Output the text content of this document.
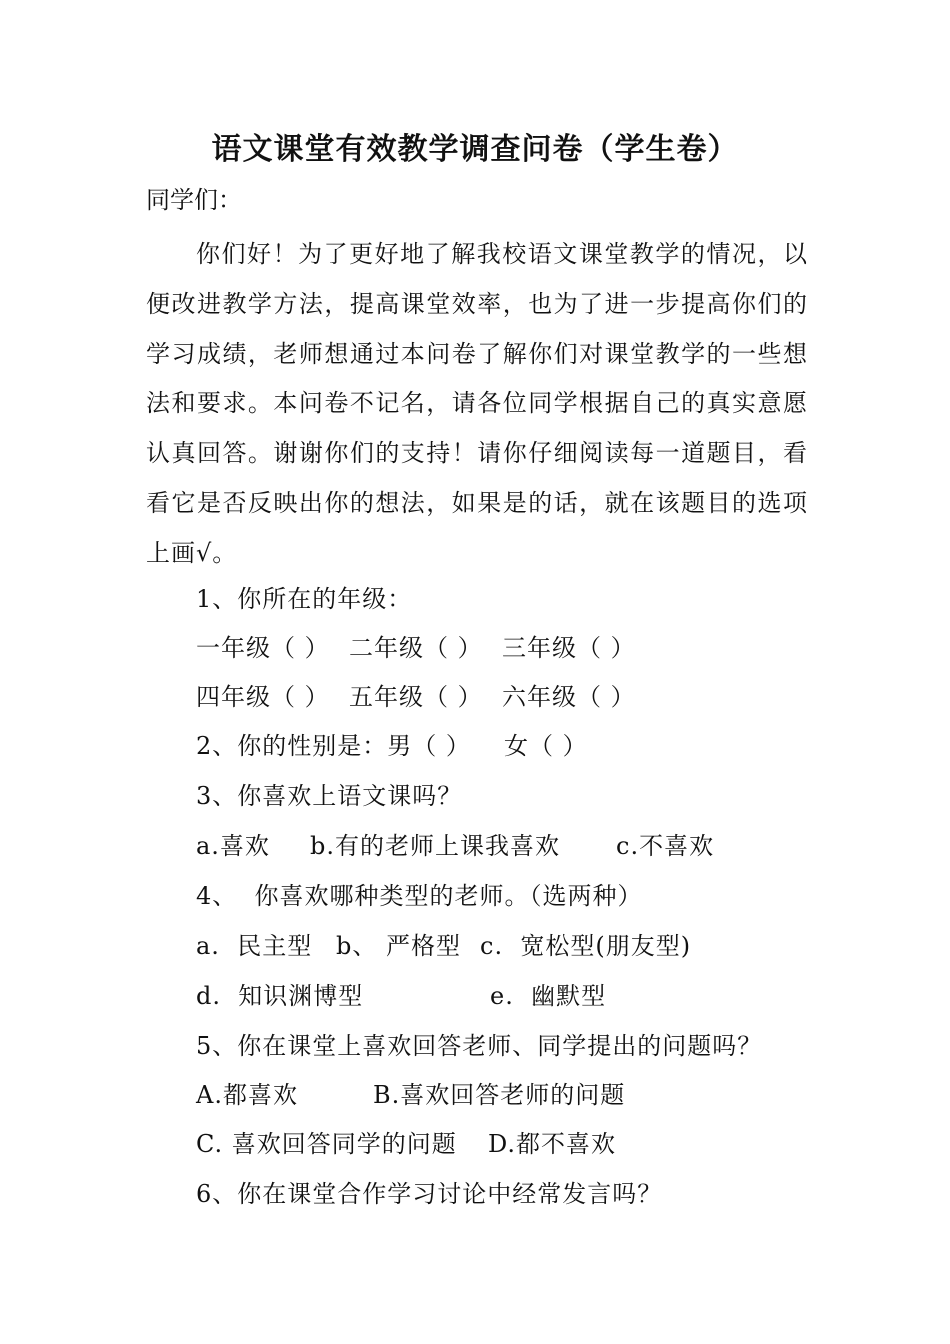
语文课堂有效教学调查问卷（学生卷）
同学们：

你们好！为了更好地了解我校语文课堂教学的情况，以便改进教学方法，提高课堂效率，也为了进一步提高你们的学习成绩，老师想通过本问卷了解你们对课堂教学的一些想法和要求。本问卷不记名，请各位同学根据自己的真实意愿认真回答。谢谢你们的支持！请你仔细阅读每一道题目，看看它是否反映出你的想法，如果是的话，就在该题目的选项上画√。

1、你所在的年级：
一年级（ ） 二年级（ ） 三年级（ ）
四年级（ ） 五年级（ ） 六年级（ ）
2、你的性别是：男（ ） 女（ ）
3、你喜欢上语文课吗？
a.喜欢 b.有的老师上课我喜欢 c.不喜欢
4、  你喜欢哪种类型的老师。（选两种）
a.  民主型 b、 严格型 c.  宽松型(朋友型)
d.  知识渊博型	e.  幽默型
5、你在课堂上喜欢回答老师、同学提出的问题吗？
A.都喜欢	B.喜欢回答老师的问题
C. 喜欢回答同学的问题 D.都不喜欢
6、你在课堂合作学习讨论中经常发言吗？
